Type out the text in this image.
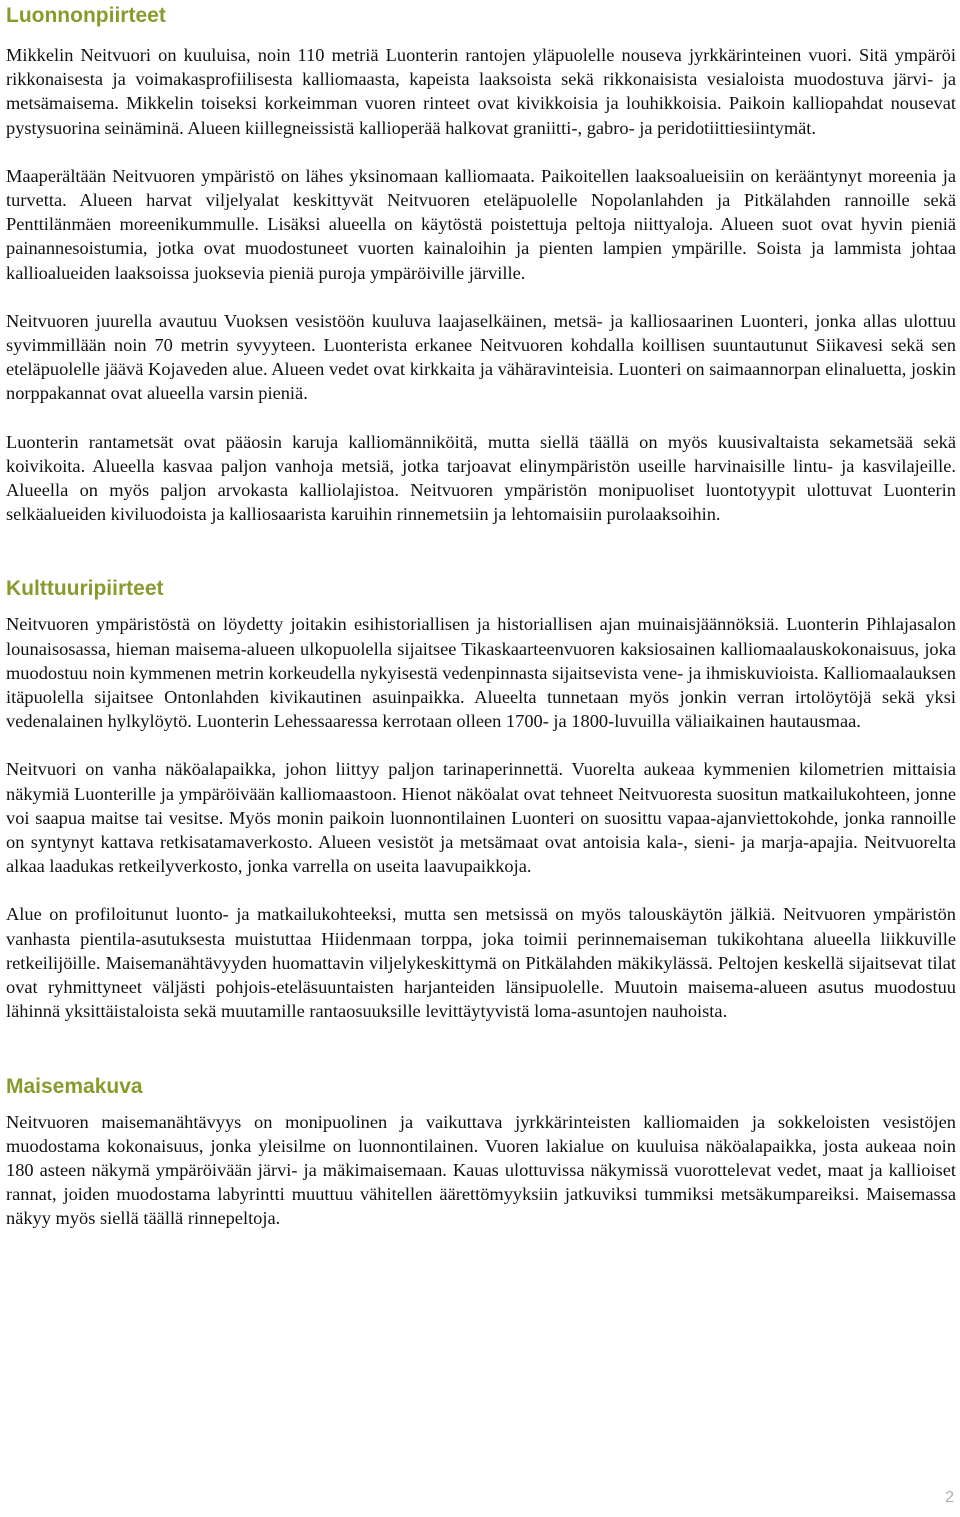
Luonnonpiirteet

Mikkelin Neitvuori on kuuluisa, noin 110 metriä Luonterin rantojen yläpuolelle nouseva jyrkkärinteinen vuori. Sitä ympäröi rikkonaisesta ja voimakasprofiilisesta kalliomaasta, kapeista laaksoista sekä rikkonaisista vesialoista muodostuva järvi- ja metsämaisema. Mikkelin toiseksi korkeimman vuoren rinteet ovat kivikkoisia ja louhikkoisia. Paikoin kalliopahdat nousevat pystysuorina seinäminä. Alueen kiillegneissistä kallioperää halkovat graniitti-, gabro- ja peridotiittiesiintymät.

Maaperältään Neitvuoren ympäristö on lähes yksinomaan kalliomaata. Paikoitellen laaksoalueisiin on kerääntynyt moreenia ja turvetta. Alueen harvat viljelyalat keskittyvät Neitvuoren eteläpuolelle Nopolanlahden ja Pitkälahden rannoille sekä Penttilänmäen moreenikummulle. Lisäksi alueella on käytöstä poistettuja peltoja niittyaloja. Alueen suot ovat hyvin pieniä painannesoistumia, jotka ovat muodostuneet vuorten kainaloihin ja pienten lampien ympärille. Soista ja lammista johtaa kallioalueiden laaksoissa juoksevia pieniä puroja ympäröiville järville.

Neitvuoren juurella avautuu Vuoksen vesistöön kuuluva laajaselkäinen, metsä- ja kalliosaarinen Luonteri, jonka allas ulottuu syvimmillään noin 70 metrin syvyyteen. Luonterista erkanee Neitvuoren kohdalla koillisen suuntautunut Siikavesi sekä sen eteläpuolelle jäävä Kojaveden alue. Alueen vedet ovat kirkkaita ja vähäravinteisia. Luonteri on saimaannorpan elinaluetta, joskin norppakannat ovat alueella varsin pieniä.

Luonterin rantametsät ovat pääosin karuja kalliomänniköitä, mutta siellä täällä on myös kuusivaltaista sekametsää sekä koivikoita. Alueella kasvaa paljon vanhoja metsiä, jotka tarjoavat elinympäristön useille harvinaisille lintu- ja kasvilajeille. Alueella on myös paljon arvokasta kalliolajistoa. Neitvuoren ympäristön monipuoliset luontotyypit ulottuvat Luonterin selkäalueiden kiviluodoista ja kalliosaarista karuihin rinnemetsiin ja lehtomaisiin purolaaksoihin.

Kulttuuripiirteet

Neitvuoren ympäristöstä on löydetty joitakin esihistoriallisen ja historiallisen ajan muinaisjäännöksiä. Luonterin Pihlajasalon lounaisosassa, hieman maisema-alueen ulkopuolella sijaitsee Tikaskaarteenvuoren kaksiosainen kalliomaalauskokonaisuus, joka muodostuu noin kymmenen metrin korkeudella nykyisestä vedenpinnasta sijaitsevista vene- ja ihmiskuvioista. Kalliomaalauksen itäpuolella sijaitsee Ontonlahden kivikautinen asuinpaikka. Alueelta tunnetaan myös jonkin verran irtolöytöjä sekä yksi vedenalainen hylkylöytö. Luonterin Lehessaaressa kerrotaan olleen 1700- ja 1800-luvuilla väliaikainen hautausmaa.

Neitvuori on vanha näköalapaikka, johon liittyy paljon tarinaperinnettä. Vuorelta aukeaa kymmenien kilometrien mittaisia näkymiä Luonterille ja ympäröivään kalliomaastoon. Hienot näköalat ovat tehneet Neitvuoresta suositun matkailukohteen, jonne voi saapua maitse tai vesitse. Myös monin paikoin luonnontilainen Luonteri on suosittu vapaa-ajanviettokohde, jonka rannoille on syntynyt kattava retkisatamaverkosto. Alueen vesistöt ja metsämaat ovat antoisia kala-, sieni- ja marja-apajia. Neitvuorelta alkaa laadukas retkeilyverkosto, jonka varrella on useita laavupaikkoja.

Alue on profiloitunut luonto- ja matkailukohteeksi, mutta sen metsissä on myös talouskäytön jälkiä. Neitvuoren ympäristön vanhasta pientila-asutuksesta muistuttaa Hiidenmaan torppa, joka toimii perinnemaiseman tukikohtana alueella liikkuville retkeilijöille. Maisemanähtävyyden huomattavin viljelykeskittymä on Pitkälahden mäkikylässä. Peltojen keskellä sijaitsevat tilat ovat ryhmittyneet väljästi pohjois-eteläsuuntaisten harjanteiden länsipuolelle. Muutoin maisema-alueen asutus muodostuu lähinnä yksittäistaloista sekä muutamille rantaosuuksille levittäytyvistä loma-asuntojen nauhoista.

Maisemakuva

Neitvuoren maisemanähtävyys on monipuolinen ja vaikuttava jyrkkärinteisten kalliomaiden ja sokkeloisten vesistöjen muodostama kokonaisuus, jonka yleisilme on luonnontilainen. Vuoren lakialue on kuuluisa näköalapaikka, josta aukeaa noin 180 asteen näkymä ympäröivään järvi- ja mäkimaisemaan. Kauas ulottuvissa näkymissä vuorottelevat vedet, maat ja kallioiset rannat, joiden muodostama labyrintti muuttuu vähitellen äärettömyyksiin jatkuviksi tummiksi metsäkumpareiksi. Maisemassa näkyy myös siellä täällä rinnepeltoja.

2
